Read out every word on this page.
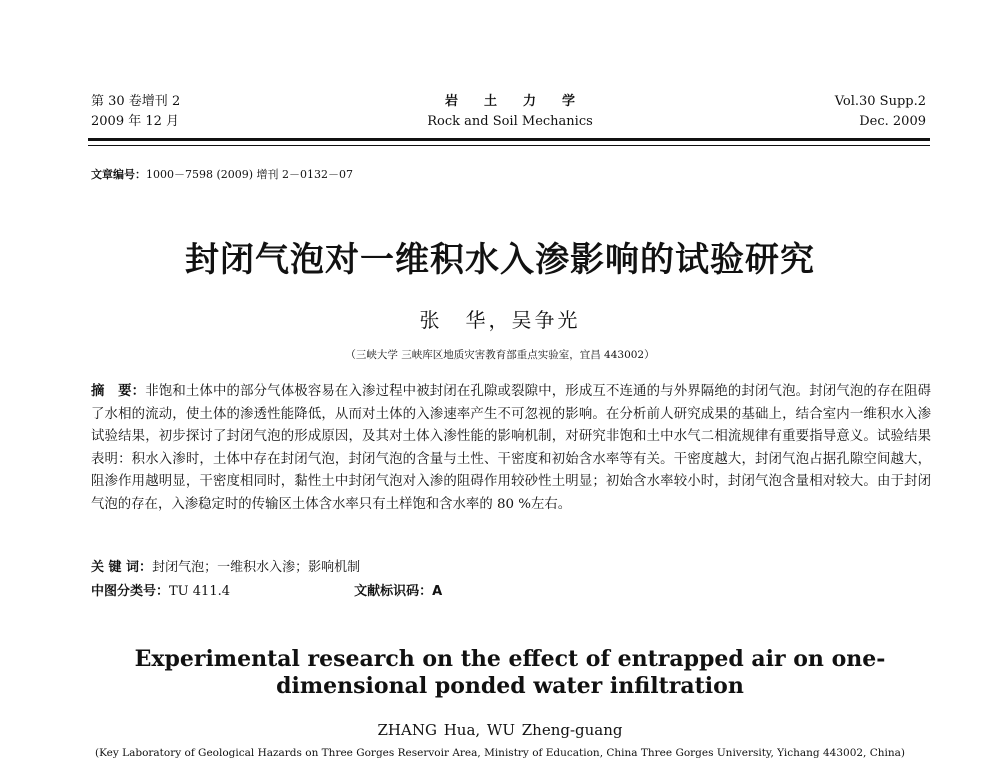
第 30 卷增刊 2
2009 年 12 月
岩土力学
Rock and Soil Mechanics
Vol.30 Supp.2
Dec. 2009
文章编号：1000－7598 (2009) 增刊 2－0132－07
封闭气泡对一维积水入渗影响的试验研究
张　华，吴争光
（三峡大学 三峡库区地质灾害教育部重点实验室，宜昌 443002）
摘　要：非饱和土体中的部分气体极容易在入渗过程中被封闭在孔隙或裂隙中，形成互不连通的与外界隔绝的封闭气泡。封闭气泡的存在阻碍了水相的流动，使土体的渗透性能降低，从而对土体的入渗速率产生不可忽视的影响。在分析前人研究成果的基础上，结合室内一维积水入渗试验结果，初步探讨了封闭气泡的形成原因，及其对土体入渗性能的影响机制，对研究非饱和土中水气二相流规律有重要指导意义。试验结果表明：积水入渗时，土体中存在封闭气泡，封闭气泡的含量与土性、干密度和初始含水率等有关。干密度越大，封闭气泡占据孔隙空间越大，阻渗作用越明显，干密度相同时，黏性土中封闭气泡对入渗的阻碍作用较砂性土明显；初始含水率较小时，封闭气泡含量相对较大。由于封闭气泡的存在，入渗稳定时的传输区土体含水率只有土样饱和含水率的 80 %左右。
关 键 词：封闭气泡；一维积水入渗；影响机制
中图分类号：TU 411.4	文献标识码：A
Experimental research on the effect of entrapped air on one-dimensional ponded water infiltration
ZHANG Hua, WU Zheng-guang
(Key Laboratory of Geological Hazards on Three Gorges Reservoir Area, Ministry of Education, China Three Gorges University, Yichang 443002, China)
